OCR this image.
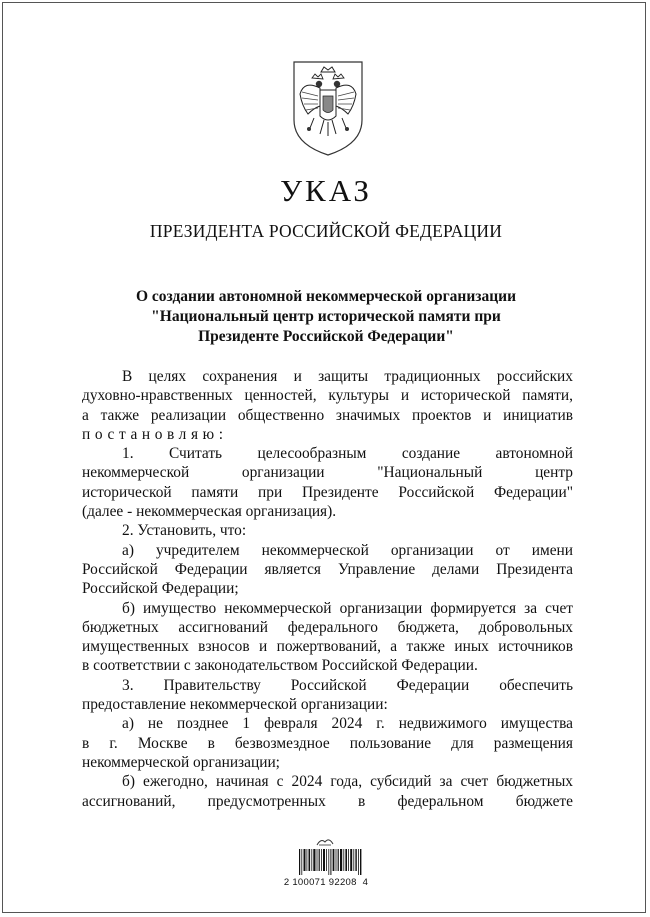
УКАЗ
ПРЕЗИДЕНТА РОССИЙСКОЙ ФЕДЕРАЦИИ
О создании автономной некоммерческой организации
"Национальный центр исторической памяти при
Президенте Российской Федерации"
В целях сохранения и защиты традиционных российских
духовно-нравственных ценностей, культуры и исторической памяти,
а также реализации общественно значимых проектов и инициатив
постановляю:
1. Считать целесообразным создание автономной
некоммерческой организации "Национальный центр
исторической памяти при Президенте Российской Федерации"
(далее - некоммерческая организация).
2. Установить, что:
а) учредителем некоммерческой организации от имени
Российской Федерации является Управление делами Президента
Российской Федерации;
б) имущество некоммерческой организации формируется за счет
бюджетных ассигнований федерального бюджета, добровольных
имущественных взносов и пожертвований, а также иных источников
в соответствии с законодательством Российской Федерации.
3. Правительству Российской Федерации обеспечить
предоставление некоммерческой организации:
а) не позднее 1 февраля 2024 г. недвижимого имущества
в г. Москве в безвозмездное пользование для размещения
некоммерческой организации;
б) ежегодно, начиная с 2024 года, субсидий за счет бюджетных
ассигнований, предусмотренных в федеральном бюджете
2 100071 92208  4
